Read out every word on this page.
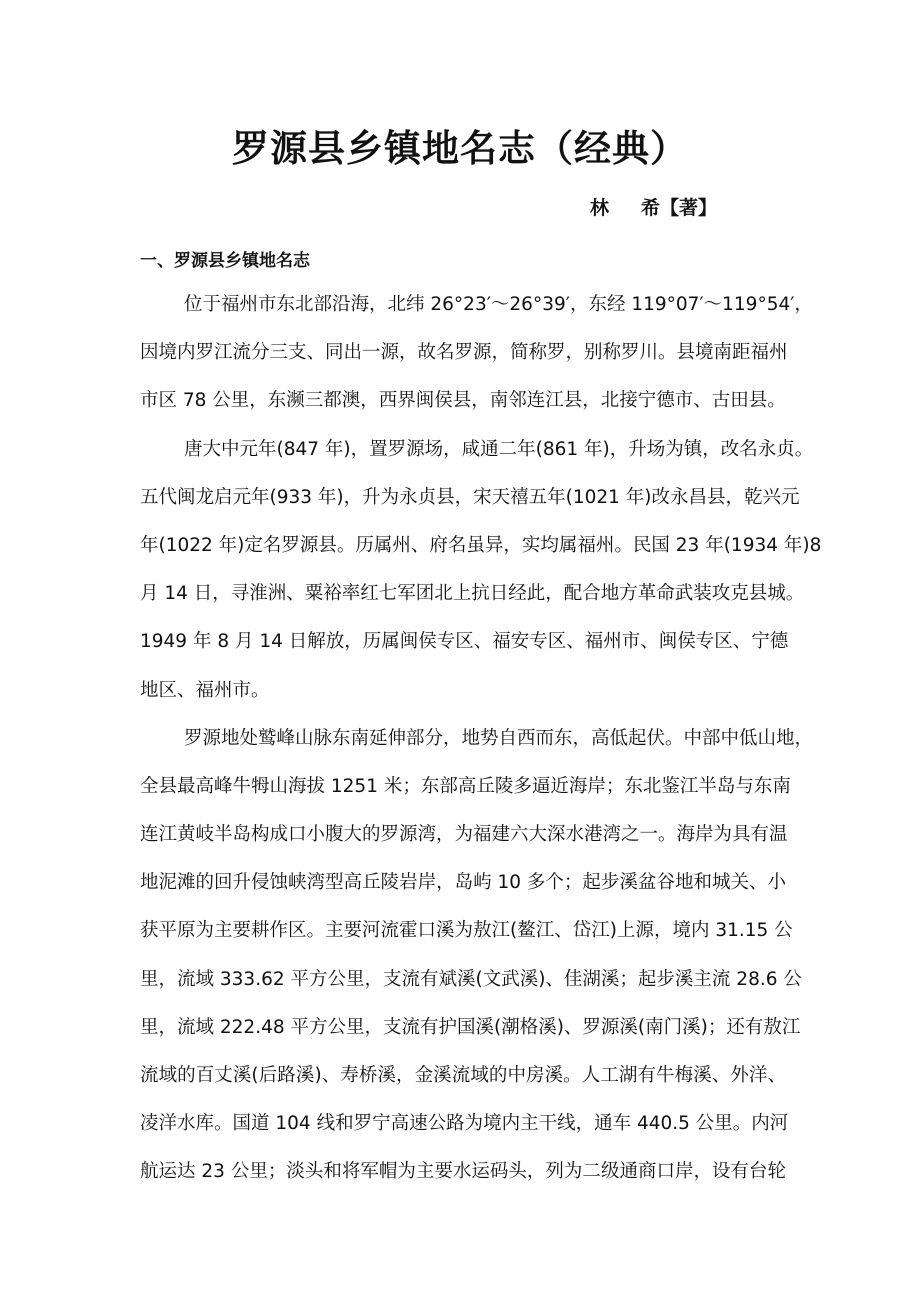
罗源县乡镇地名志（经典）
林 希【著】
一、罗源县乡镇地名志
位于福州市东北部沿海，北纬 26°23′～26°39′，东经 119°07′～119°54′，
因境内罗江流分三支、同出一源，故名罗源，简称罗，别称罗川。县境南距福州
市区 78 公里，东濒三都澳，西界闽侯县，南邻连江县，北接宁德市、古田县。
唐大中元年(847 年)，置罗源场，咸通二年(861 年)，升场为镇，改名永贞。
五代闽龙启元年(933 年)，升为永贞县，宋天禧五年(1021 年)改永昌县，乾兴元
年(1022 年)定名罗源县。历属州、府名虽异，实均属福州。民国 23 年(1934 年)8
月 14 日，寻淮洲、粟裕率红七军团北上抗日经此，配合地方革命武装攻克县城。
1949 年 8 月 14 日解放，历属闽侯专区、福安专区、福州市、闽侯专区、宁德
地区、福州市。
罗源地处鹫峰山脉东南延伸部分，地势自西而东，高低起伏。中部中低山地，
全县最高峰牛牳山海拔 1251 米；东部高丘陵多逼近海岸；东北鉴江半岛与东南
连江黄岐半岛构成口小腹大的罗源湾，为福建六大深水港湾之一。海岸为具有温
地泥滩的回升侵蚀峡湾型高丘陵岩岸，岛屿 10 多个；起步溪盆谷地和城关、小
获平原为主要耕作区。主要河流霍口溪为敖江(鳌江、岱江)上源，境内 31.15 公
里，流域 333.62 平方公里，支流有斌溪(文武溪)、佳湖溪；起步溪主流 28.6 公
里，流域 222.48 平方公里，支流有护国溪(潮格溪)、罗源溪(南门溪)；还有敖江
流域的百丈溪(后路溪)、寿桥溪，金溪流域的中房溪。人工湖有牛梅溪、外洋、
凌洋水库。国道 104 线和罗宁高速公路为境内主干线，通车 440.5 公里。内河
航运达 23 公里；淡头和将军帽为主要水运码头，列为二级通商口岸，设有台轮
